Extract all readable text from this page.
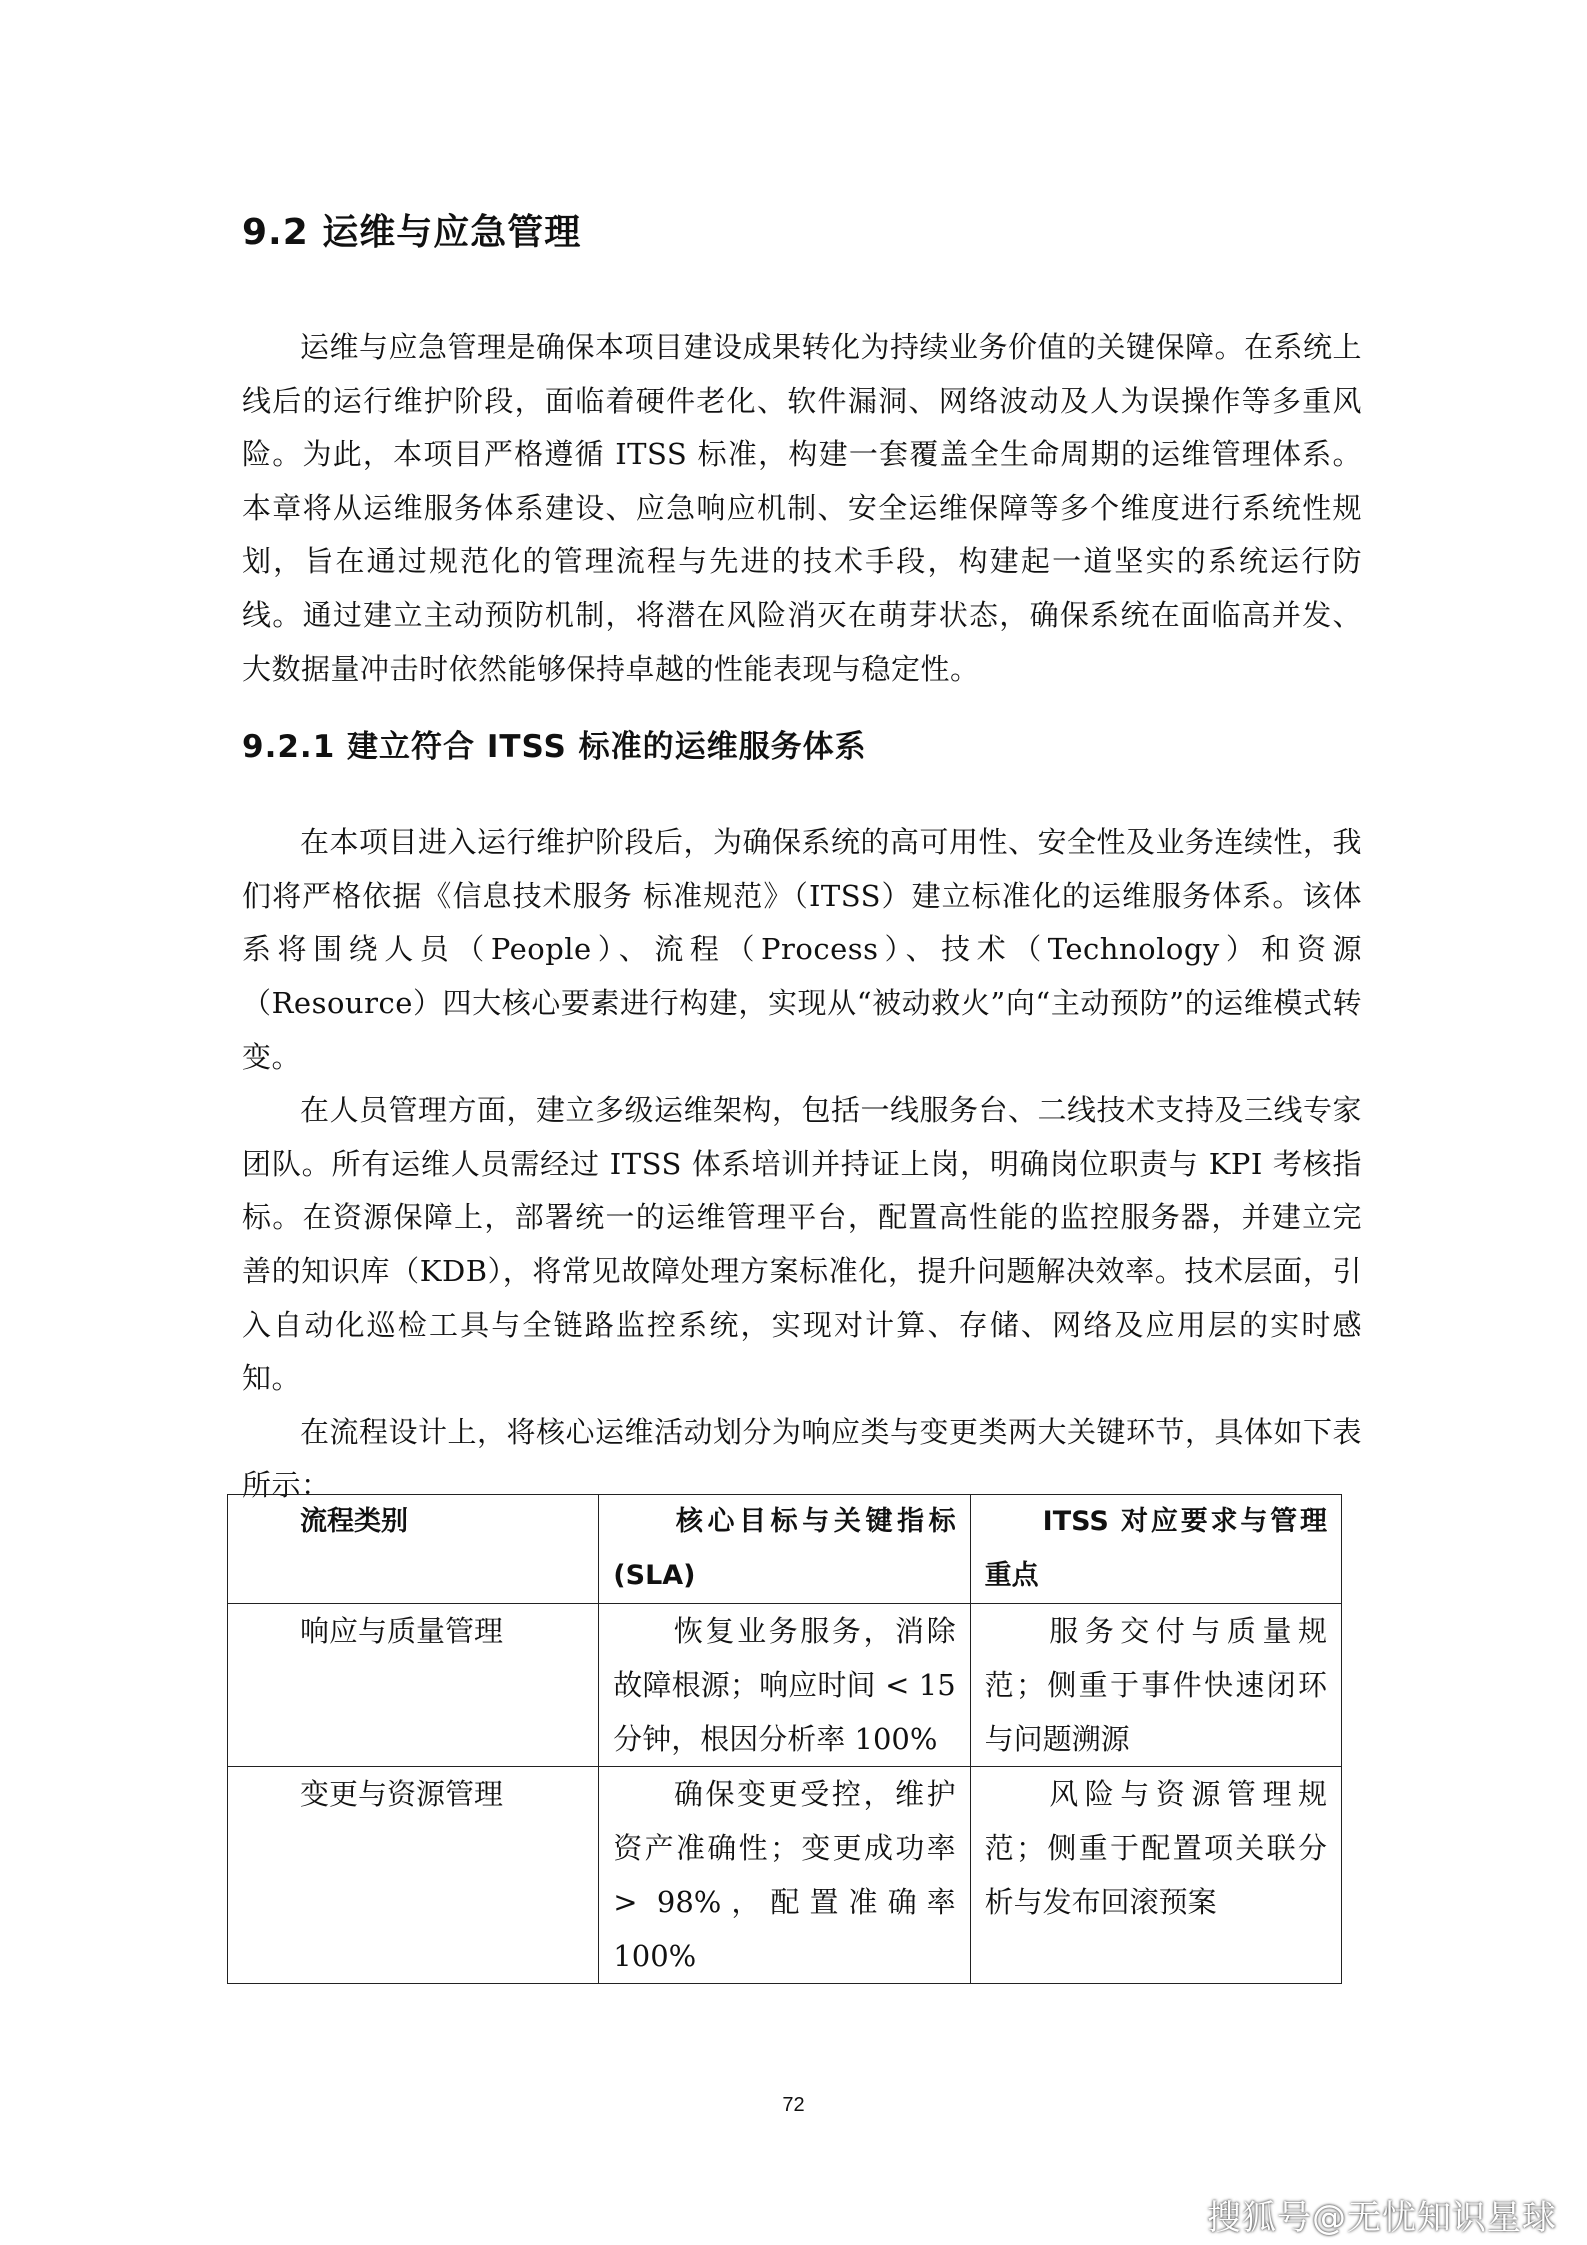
9.2 运维与应急管理

运维与应急管理是确保本项目建设成果转化为持续业务价值的关键保障。在系统上线后的运行维护阶段，面临着硬件老化、软件漏洞、网络波动及人为误操作等多重风险。为此，本项目严格遵循 ITSS 标准，构建一套覆盖全生命周期的运维管理体系。本章将从运维服务体系建设、应急响应机制、安全运维保障等多个维度进行系统性规划，旨在通过规范化的管理流程与先进的技术手段，构建起一道坚实的系统运行防线。通过建立主动预防机制，将潜在风险消灭在萌芽状态，确保系统在面临高并发、大数据量冲击时依然能够保持卓越的性能表现与稳定性。

9.2.1 建立符合 ITSS 标准的运维服务体系

在本项目进入运行维护阶段后，为确保系统的高可用性、安全性及业务连续性，我们将严格依据《信息技术服务 标准规范》（ITSS）建立标准化的运维服务体系。该体系将围绕人员（People）、流程（Process）、技术（Technology）和资源（Resource）四大核心要素进行构建，实现从“被动救火”向“主动预防”的运维模式转变。

在人员管理方面，建立多级运维架构，包括一线服务台、二线技术支持及三线专家团队。所有运维人员需经过 ITSS 体系培训并持证上岗，明确岗位职责与 KPI 考核指标。在资源保障上，部署统一的运维管理平台，配置高性能的监控服务器，并建立完善的知识库（KDB），将常见故障处理方案标准化，提升问题解决效率。技术层面，引入自动化巡检工具与全链路监控系统，实现对计算、存储、网络及应用层的实时感知。

在流程设计上，将核心运维活动划分为响应类与变更类两大关键环节，具体如下表所示：

流程类别	核心目标与关键指标 (SLA)	ITSS 对应要求与管理重点
响应与质量管理	恢复业务服务，消除故障根源；响应时间 < 15 分钟，根因分析率 100%	服务交付与质量规范；侧重于事件快速闭环与问题溯源
变更与资源管理	确保变更受控，维护资产准确性；变更成功率 > 98%，配置准确率 100%	风险与资源管理规范；侧重于配置项关联分析与发布回滚预案
72
搜狐号@无忧知识星球
